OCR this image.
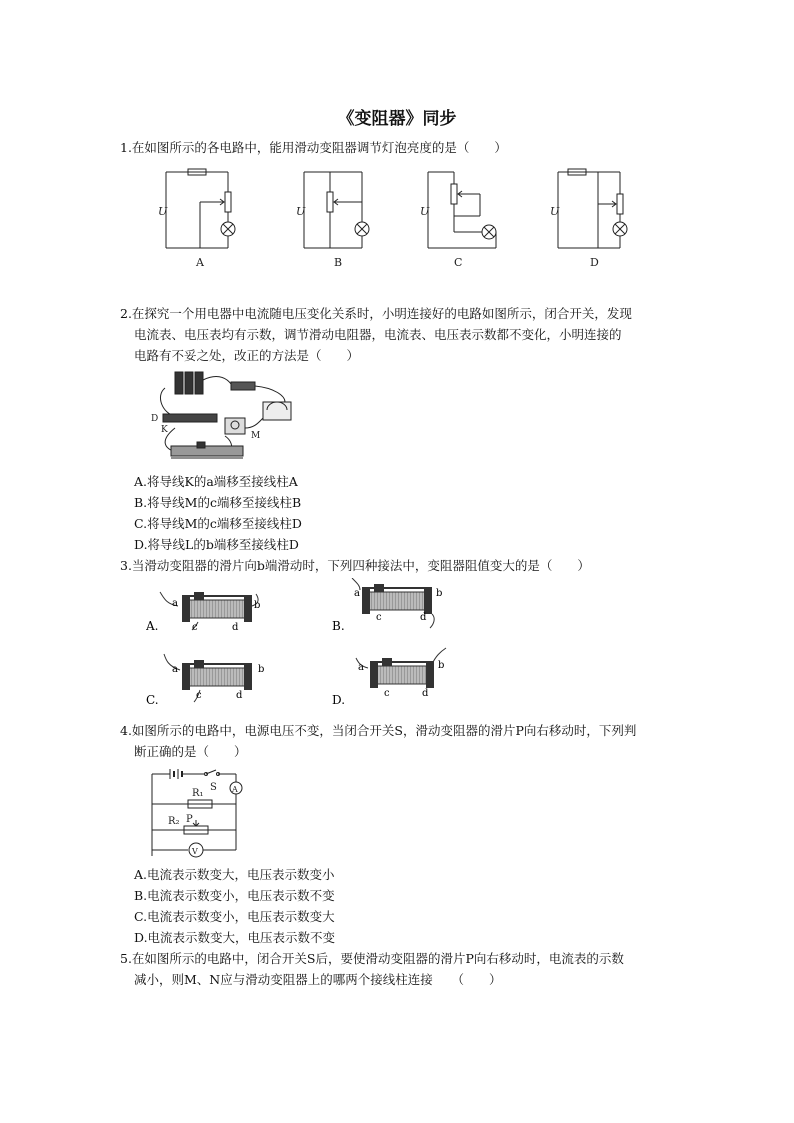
《变阻器》同步
1.在如图所示的各电路中，能用滑动变阻器调节灯泡亮度的是（　　）
U	U	U	U
A	B	C	D
2.在探究一个用电器中电流随电压变化关系时，小明连接好的电路如图所示，闭合开关，发现
电流表、电压表均有示数，调节滑动电阻器，电流表、电压表示数都不变化，小明连接的
电路有不妥之处，改正的方法是（　　）
D
K
M
A.将导线K的a端移至接线柱A
B.将导线M的c端移至接线柱B
C.将导线M的c端移至接线柱D
D.将导线L的b端移至接线柱D
3.当滑动变阻器的滑片向b端滑动时，下列四种接法中，变阻器阻值变大的是（　　）
a	b
c	d
A.
a	b
c	d
B.
a	b
c	d
C.
a	b
c	d
D.
4.如图所示的电路中，电源电压不变，当闭合开关S，滑动变阻器的滑片P向右移动时，下列判
断正确的是（　　）
S
R₁
R₂ P
A
V
A.电流表示数变大，电压表示数变小
B.电流表示数变小，电压表示数不变
C.电流表示数变小，电压表示数变大
D.电流表示数变大，电压表示数不变
5.在如图所示的电路中，闭合开关S后，要使滑动变阻器的滑片P向右移动时，电流表的示数
减小，则M、N应与滑动变阻器上的哪两个接线柱连接　　（　　）
